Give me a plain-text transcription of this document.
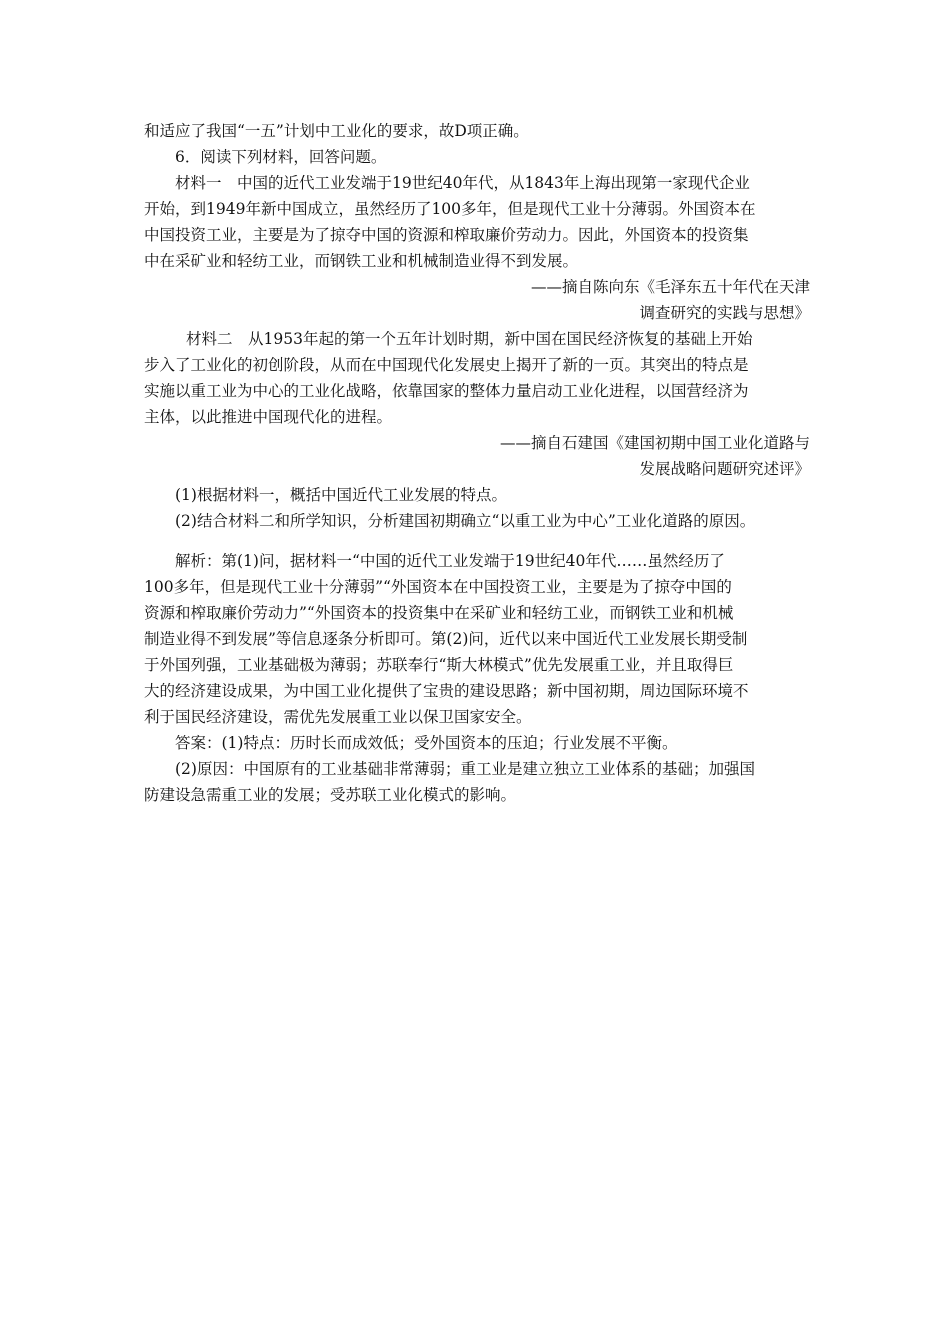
和适应了我国“一五”计划中工业化的要求，故D项正确。
6．阅读下列材料，回答问题。
材料一　中国的近代工业发端于19世纪40年代，从1843年上海出现第一家现代企业
开始，到1949年新中国成立，虽然经历了100多年，但是现代工业十分薄弱。外国资本在
中国投资工业，主要是为了掠夺中国的资源和榨取廉价劳动力。因此，外国资本的投资集
中在采矿业和轻纺工业，而钢铁工业和机械制造业得不到发展。
——摘自陈向东《毛泽东五十年代在天津
调查研究的实践与思想》
材料二　从1953年起的第一个五年计划时期，新中国在国民经济恢复的基础上开始
步入了工业化的初创阶段，从而在中国现代化发展史上揭开了新的一页。其突出的特点是
实施以重工业为中心的工业化战略，依靠国家的整体力量启动工业化进程，以国营经济为
主体，以此推进中国现代化的进程。
——摘自石建国《建国初期中国工业化道路与
发展战略问题研究述评》
(1)根据材料一，概括中国近代工业发展的特点。
(2)结合材料二和所学知识，分析建国初期确立“以重工业为中心”工业化道路的原因。
解析：第(1)问，据材料一“中国的近代工业发端于19世纪40年代……虽然经历了
100多年，但是现代工业十分薄弱”“外国资本在中国投资工业，主要是为了掠夺中国的
资源和榨取廉价劳动力”“外国资本的投资集中在采矿业和轻纺工业，而钢铁工业和机械
制造业得不到发展”等信息逐条分析即可。第(2)问，近代以来中国近代工业发展长期受制
于外国列强，工业基础极为薄弱；苏联奉行“斯大林模式”优先发展重工业，并且取得巨
大的经济建设成果，为中国工业化提供了宝贵的建设思路；新中国初期，周边国际环境不
利于国民经济建设，需优先发展重工业以保卫国家安全。
答案：(1)特点：历时长而成效低；受外国资本的压迫；行业发展不平衡。
(2)原因：中国原有的工业基础非常薄弱；重工业是建立独立工业体系的基础；加强国
防建设急需重工业的发展；受苏联工业化模式的影响。
